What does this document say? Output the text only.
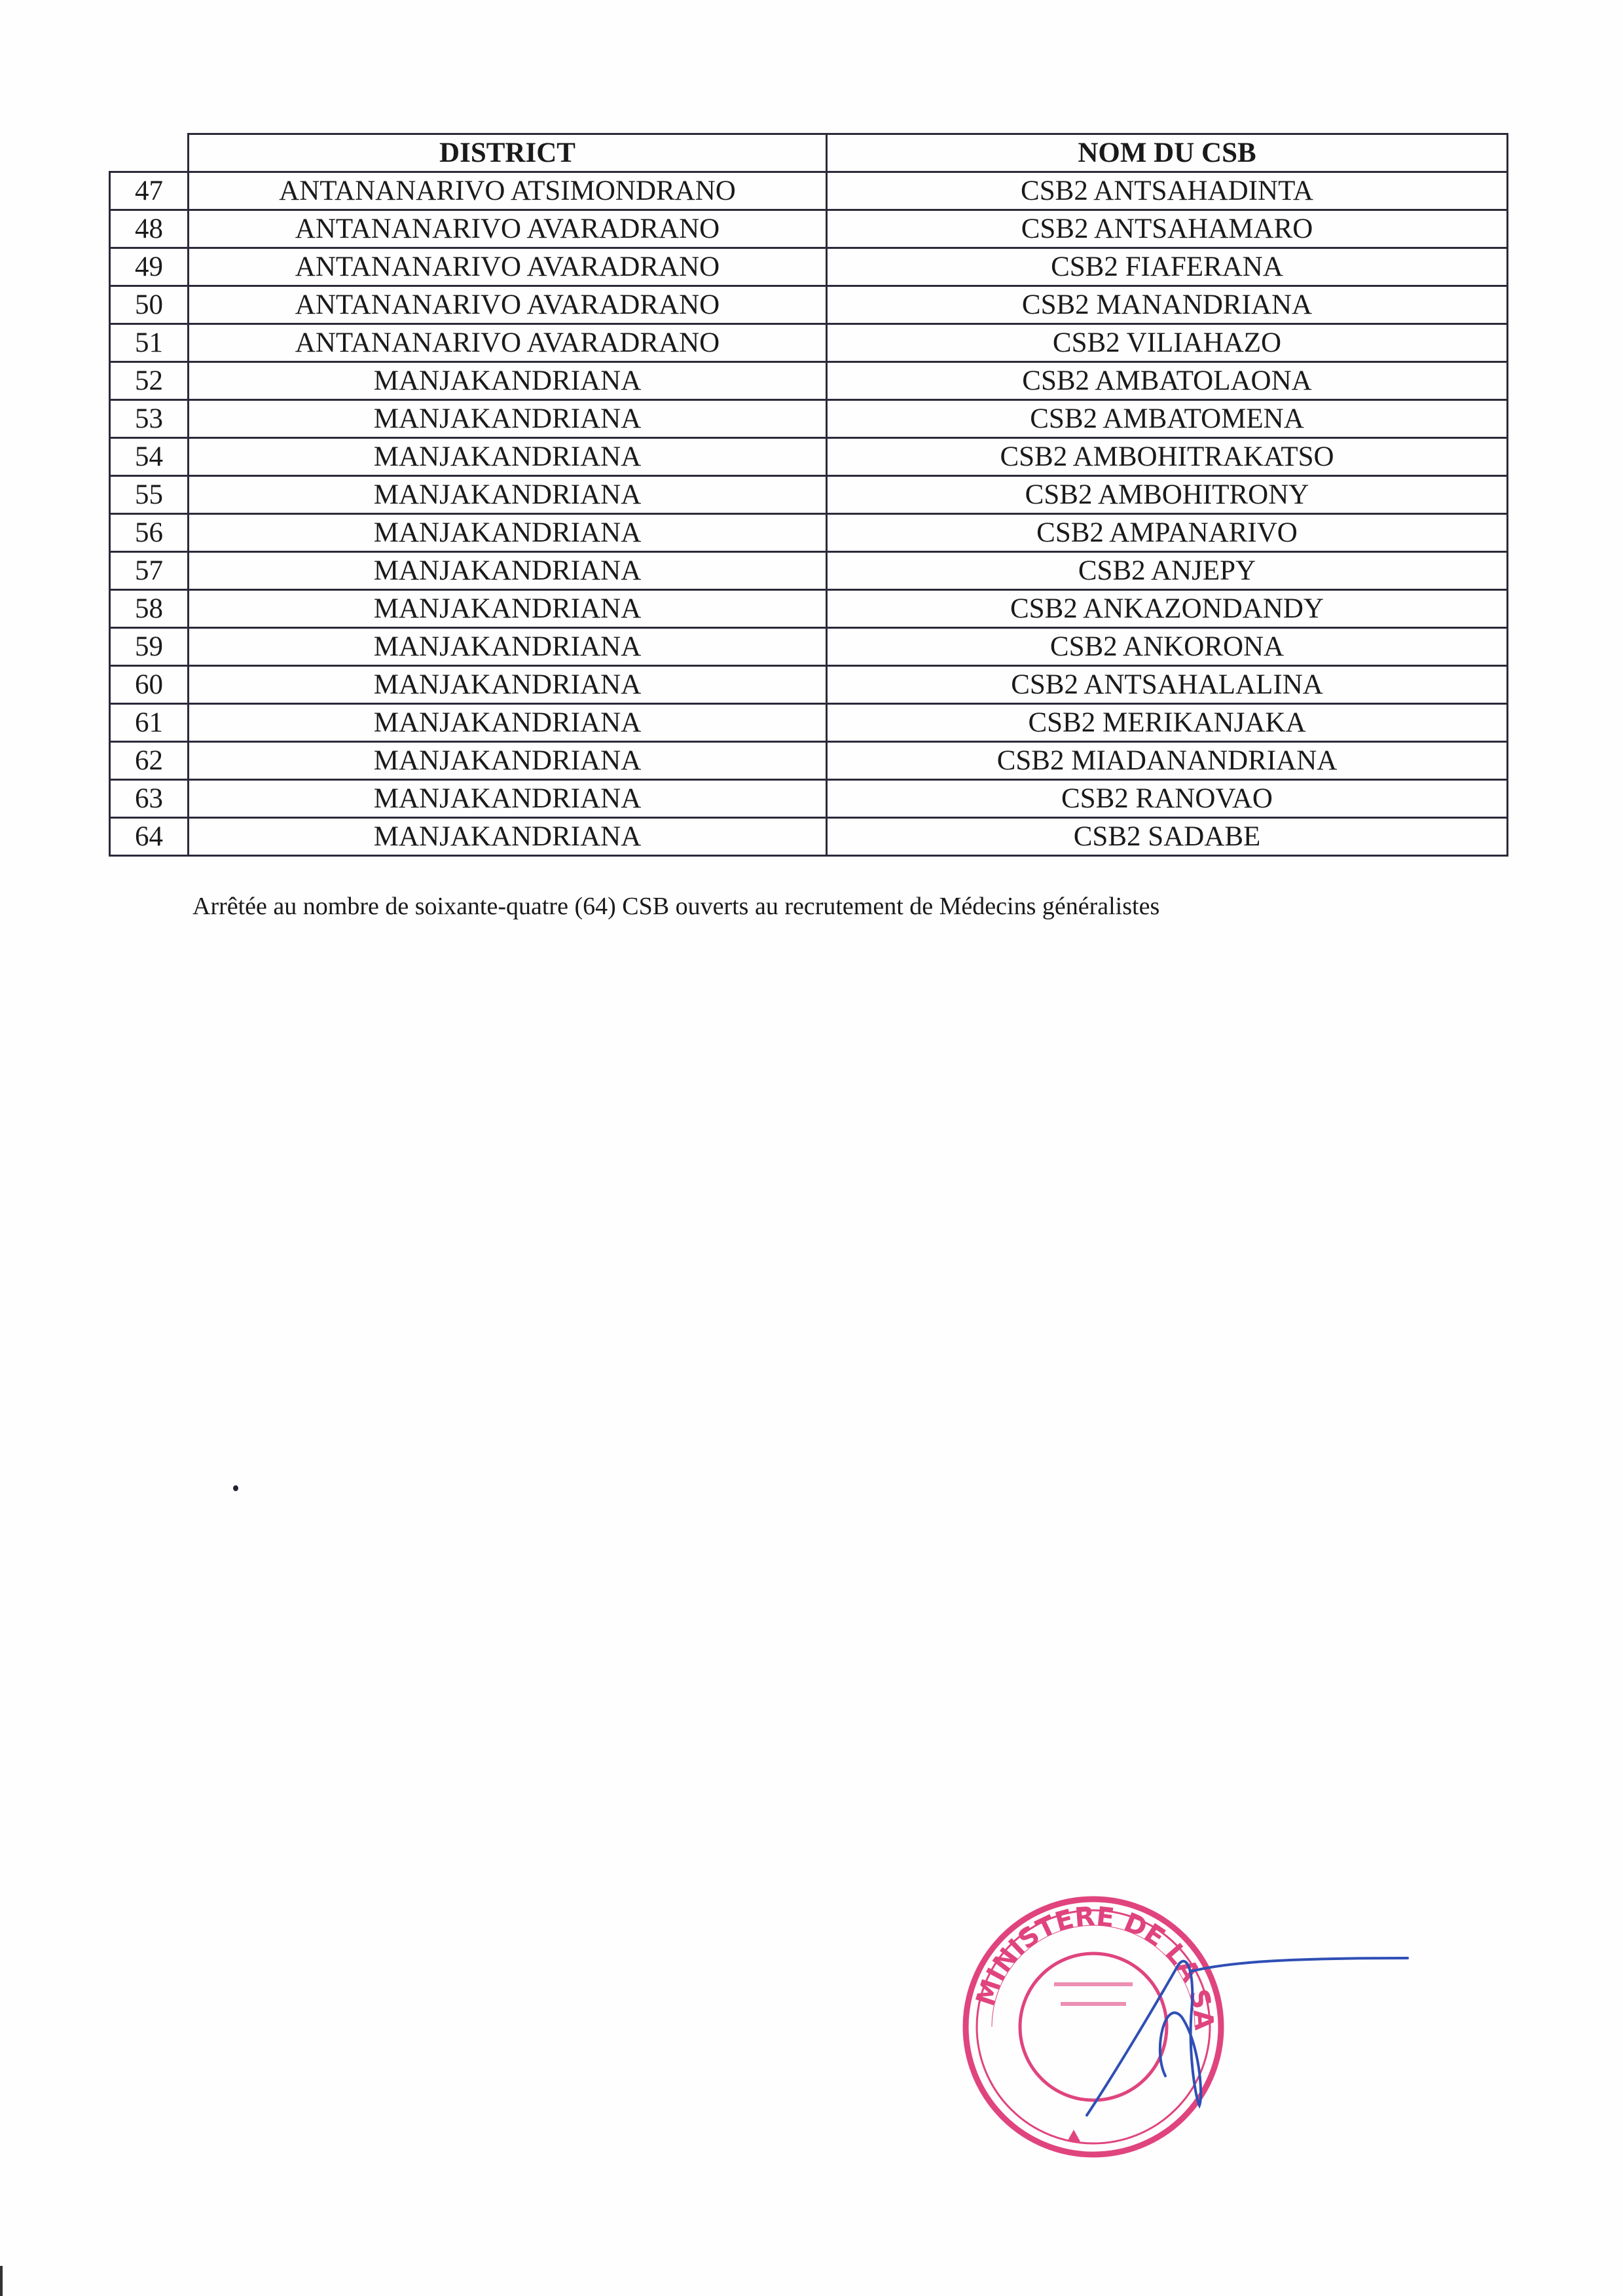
	DISTRICT	NOM DU CSB
47	ANTANANARIVO ATSIMONDRANO	CSB2 ANTSAHADINTA
48	ANTANANARIVO AVARADRANO	CSB2 ANTSAHAMARO
49	ANTANANARIVO AVARADRANO	CSB2 FIAFERANA
50	ANTANANARIVO AVARADRANO	CSB2 MANANDRIANA
51	ANTANANARIVO AVARADRANO	CSB2 VILIAHAZO
52	MANJAKANDRIANA	CSB2 AMBATOLAONA
53	MANJAKANDRIANA	CSB2 AMBATOMENA
54	MANJAKANDRIANA	CSB2 AMBOHITRAKATSO
55	MANJAKANDRIANA	CSB2 AMBOHITRONY
56	MANJAKANDRIANA	CSB2 AMPANARIVO
57	MANJAKANDRIANA	CSB2 ANJEPY
58	MANJAKANDRIANA	CSB2 ANKAZONDANDY
59	MANJAKANDRIANA	CSB2 ANKORONA
60	MANJAKANDRIANA	CSB2 ANTSAHALALINA
61	MANJAKANDRIANA	CSB2 MERIKANJAKA
62	MANJAKANDRIANA	CSB2 MIADANANDRIANA
63	MANJAKANDRIANA	CSB2 RANOVAO
64	MANJAKANDRIANA	CSB2 SADABE
Arrêtée au nombre de soixante-quatre (64) CSB ouverts au recrutement de Médecins généralistes
MINISTERE DE LA SA
